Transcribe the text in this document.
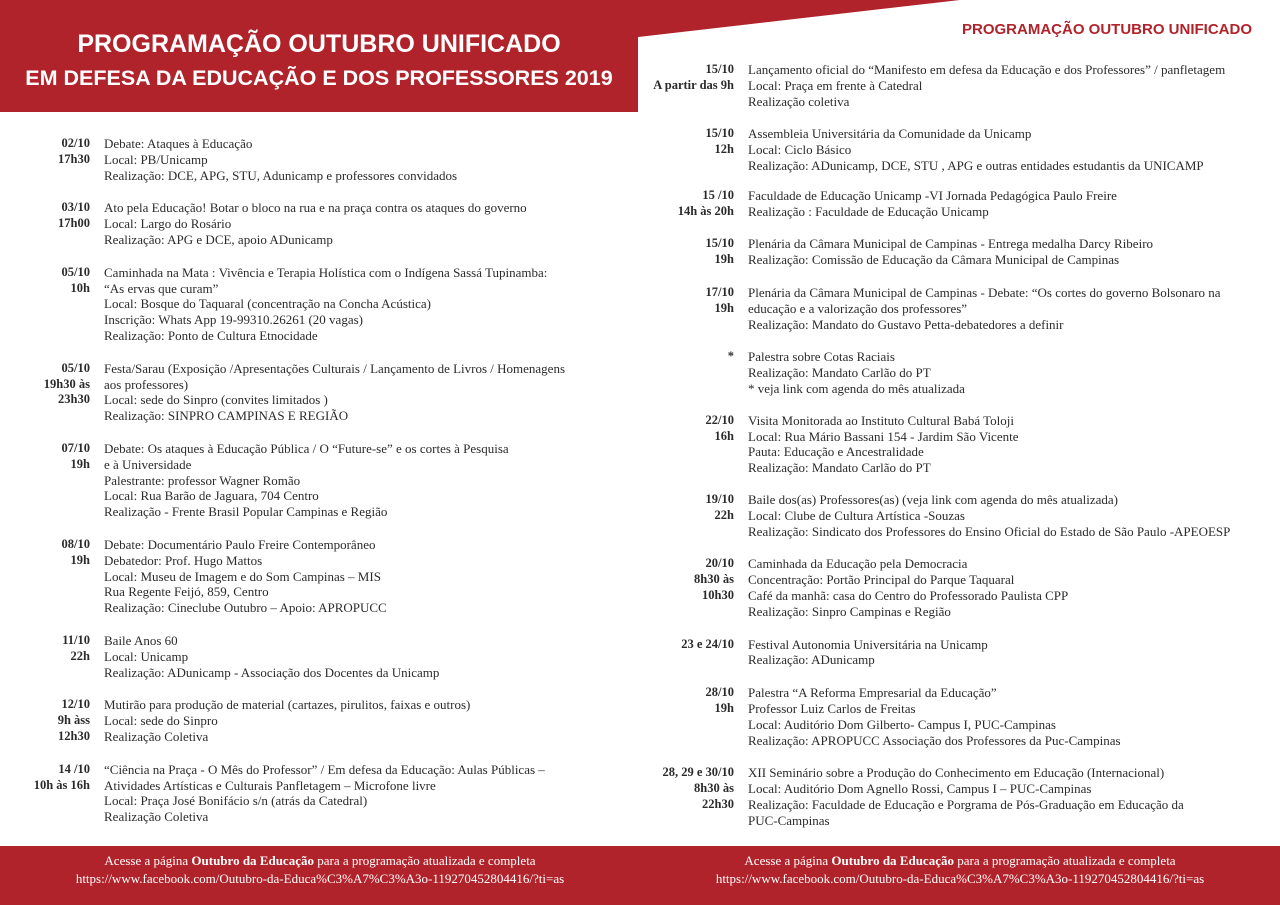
PROGRAMAÇÃO OUTUBRO UNIFICADO
EM DEFESA DA EDUCAÇÃO E DOS PROFESSORES 2019
PROGRAMAÇÃO OUTUBRO UNIFICADO
02/10
17h30
Debate: Ataques à Educação
Local: PB/Unicamp
Realização: DCE, APG, STU, Adunicamp e professores convidados
03/10
17h00
Ato pela Educação! Botar o bloco na rua e na praça contra os ataques do governo
Local: Largo do Rosário
Realização: APG e DCE, apoio ADunicamp
05/10
10h
Caminhada na Mata : Vivência e Terapia Holística com o Indígena Sassá Tupinamba:
“As ervas que curam”
Local: Bosque do Taquaral (concentração na Concha Acústica)
Inscrição: Whats App 19-99310.26261 (20 vagas)
Realização: Ponto de Cultura Etnocidade
05/10
19h30 às
23h30
Festa/Sarau (Exposição /Apresentações Culturais / Lançamento de Livros / Homenagens
aos professores)
Local: sede do Sinpro (convites limitados )
Realização: SINPRO CAMPINAS E REGIÃO
07/10
19h
Debate: Os ataques à Educação Pública / O “Future-se” e os cortes à Pesquisa
e à Universidade
Palestrante: professor Wagner Romão
Local: Rua Barão de Jaguara, 704 Centro
Realização - Frente Brasil Popular Campinas e Região
08/10
19h
Debate: Documentário Paulo Freire Contemporâneo
Debatedor: Prof. Hugo Mattos
Local: Museu de Imagem e do Som Campinas – MIS
Rua Regente Feijó, 859, Centro
Realização: Cineclube Outubro – Apoio: APROPUCC
11/10
22h
Baile Anos 60
Local: Unicamp
Realização: ADunicamp - Associação dos Docentes da Unicamp
12/10
9h àss
12h30
Mutirão para produção de material (cartazes, pirulitos, faixas e outros)
Local: sede do Sinpro
Realização Coletiva
14 /10
10h às 16h
“Ciência na Praça - O Mês do Professor” / Em defesa da Educação: Aulas Públicas –
Atividades Artísticas e Culturais Panfletagem – Microfone livre
Local: Praça José Bonifácio s/n (atrás da Catedral)
Realização Coletiva
15/10
A partir das 9h
Lançamento oficial do “Manifesto em defesa da Educação e dos Professores” / panfletagem
Local: Praça em frente à Catedral
Realização coletiva
15/10
12h
Assembleia Universitária da Comunidade da Unicamp
Local: Ciclo Básico
Realização: ADunicamp, DCE, STU , APG e outras entidades estudantis da UNICAMP
15 /10
14h às 20h
Faculdade de Educação Unicamp -VI Jornada Pedagógica Paulo Freire
Realização : Faculdade de Educação Unicamp
15/10
19h
Plenária da Câmara Municipal de Campinas - Entrega medalha Darcy Ribeiro
Realização: Comissão de Educação da Câmara Municipal de Campinas
17/10
19h
Plenária da Câmara Municipal de Campinas - Debate: “Os cortes do governo Bolsonaro na
educação e a valorização dos professores”
Realização: Mandato do Gustavo Petta-debatedores a definir
* Palestra sobre Cotas Raciais
Realização: Mandato Carlão do PT
* veja link com agenda do mês atualizada
22/10
16h
Visita Monitorada ao Instituto Cultural Babá Toloji
Local: Rua Mário Bassani 154 - Jardim São Vicente
Pauta: Educação e Ancestralidade
Realização: Mandato Carlão do PT
19/10
22h
Baile dos(as) Professores(as) (veja link com agenda do mês atualizada)
Local: Clube de Cultura Artística -Souzas
Realização: Sindicato dos Professores do Ensino Oficial do Estado de São Paulo -APEOESP
20/10
8h30 às
10h30
Caminhada da Educação pela Democracia
Concentração: Portão Principal do Parque Taquaral
Café da manhã: casa do Centro do Professorado Paulista CPP
Realização: Sinpro Campinas e Região
23 e 24/10 Festival Autonomia Universitária na Unicamp
Realização: ADunicamp
28/10
19h
Palestra “A Reforma Empresarial da Educação”
Professor Luiz Carlos de Freitas
Local: Auditório Dom Gilberto- Campus I, PUC-Campinas
Realização: APROPUCC Associação dos Professores da Puc-Campinas
28, 29 e 30/10
8h30 às
22h30
XII Seminário sobre a Produção do Conhecimento em Educação (Internacional)
Local: Auditório Dom Agnello Rossi, Campus I – PUC-Campinas
Realização: Faculdade de Educação e Porgrama de Pós-Graduação em Educação da
PUC-Campinas
Acesse a página Outubro da Educação para a programação atualizada e completa
https://www.facebook.com/Outubro-da-Educa%C3%A7%C3%A3o-119270452804416/?ti=as
Acesse a página Outubro da Educação para a programação atualizada e completa
https://www.facebook.com/Outubro-da-Educa%C3%A7%C3%A3o-119270452804416/?ti=as
